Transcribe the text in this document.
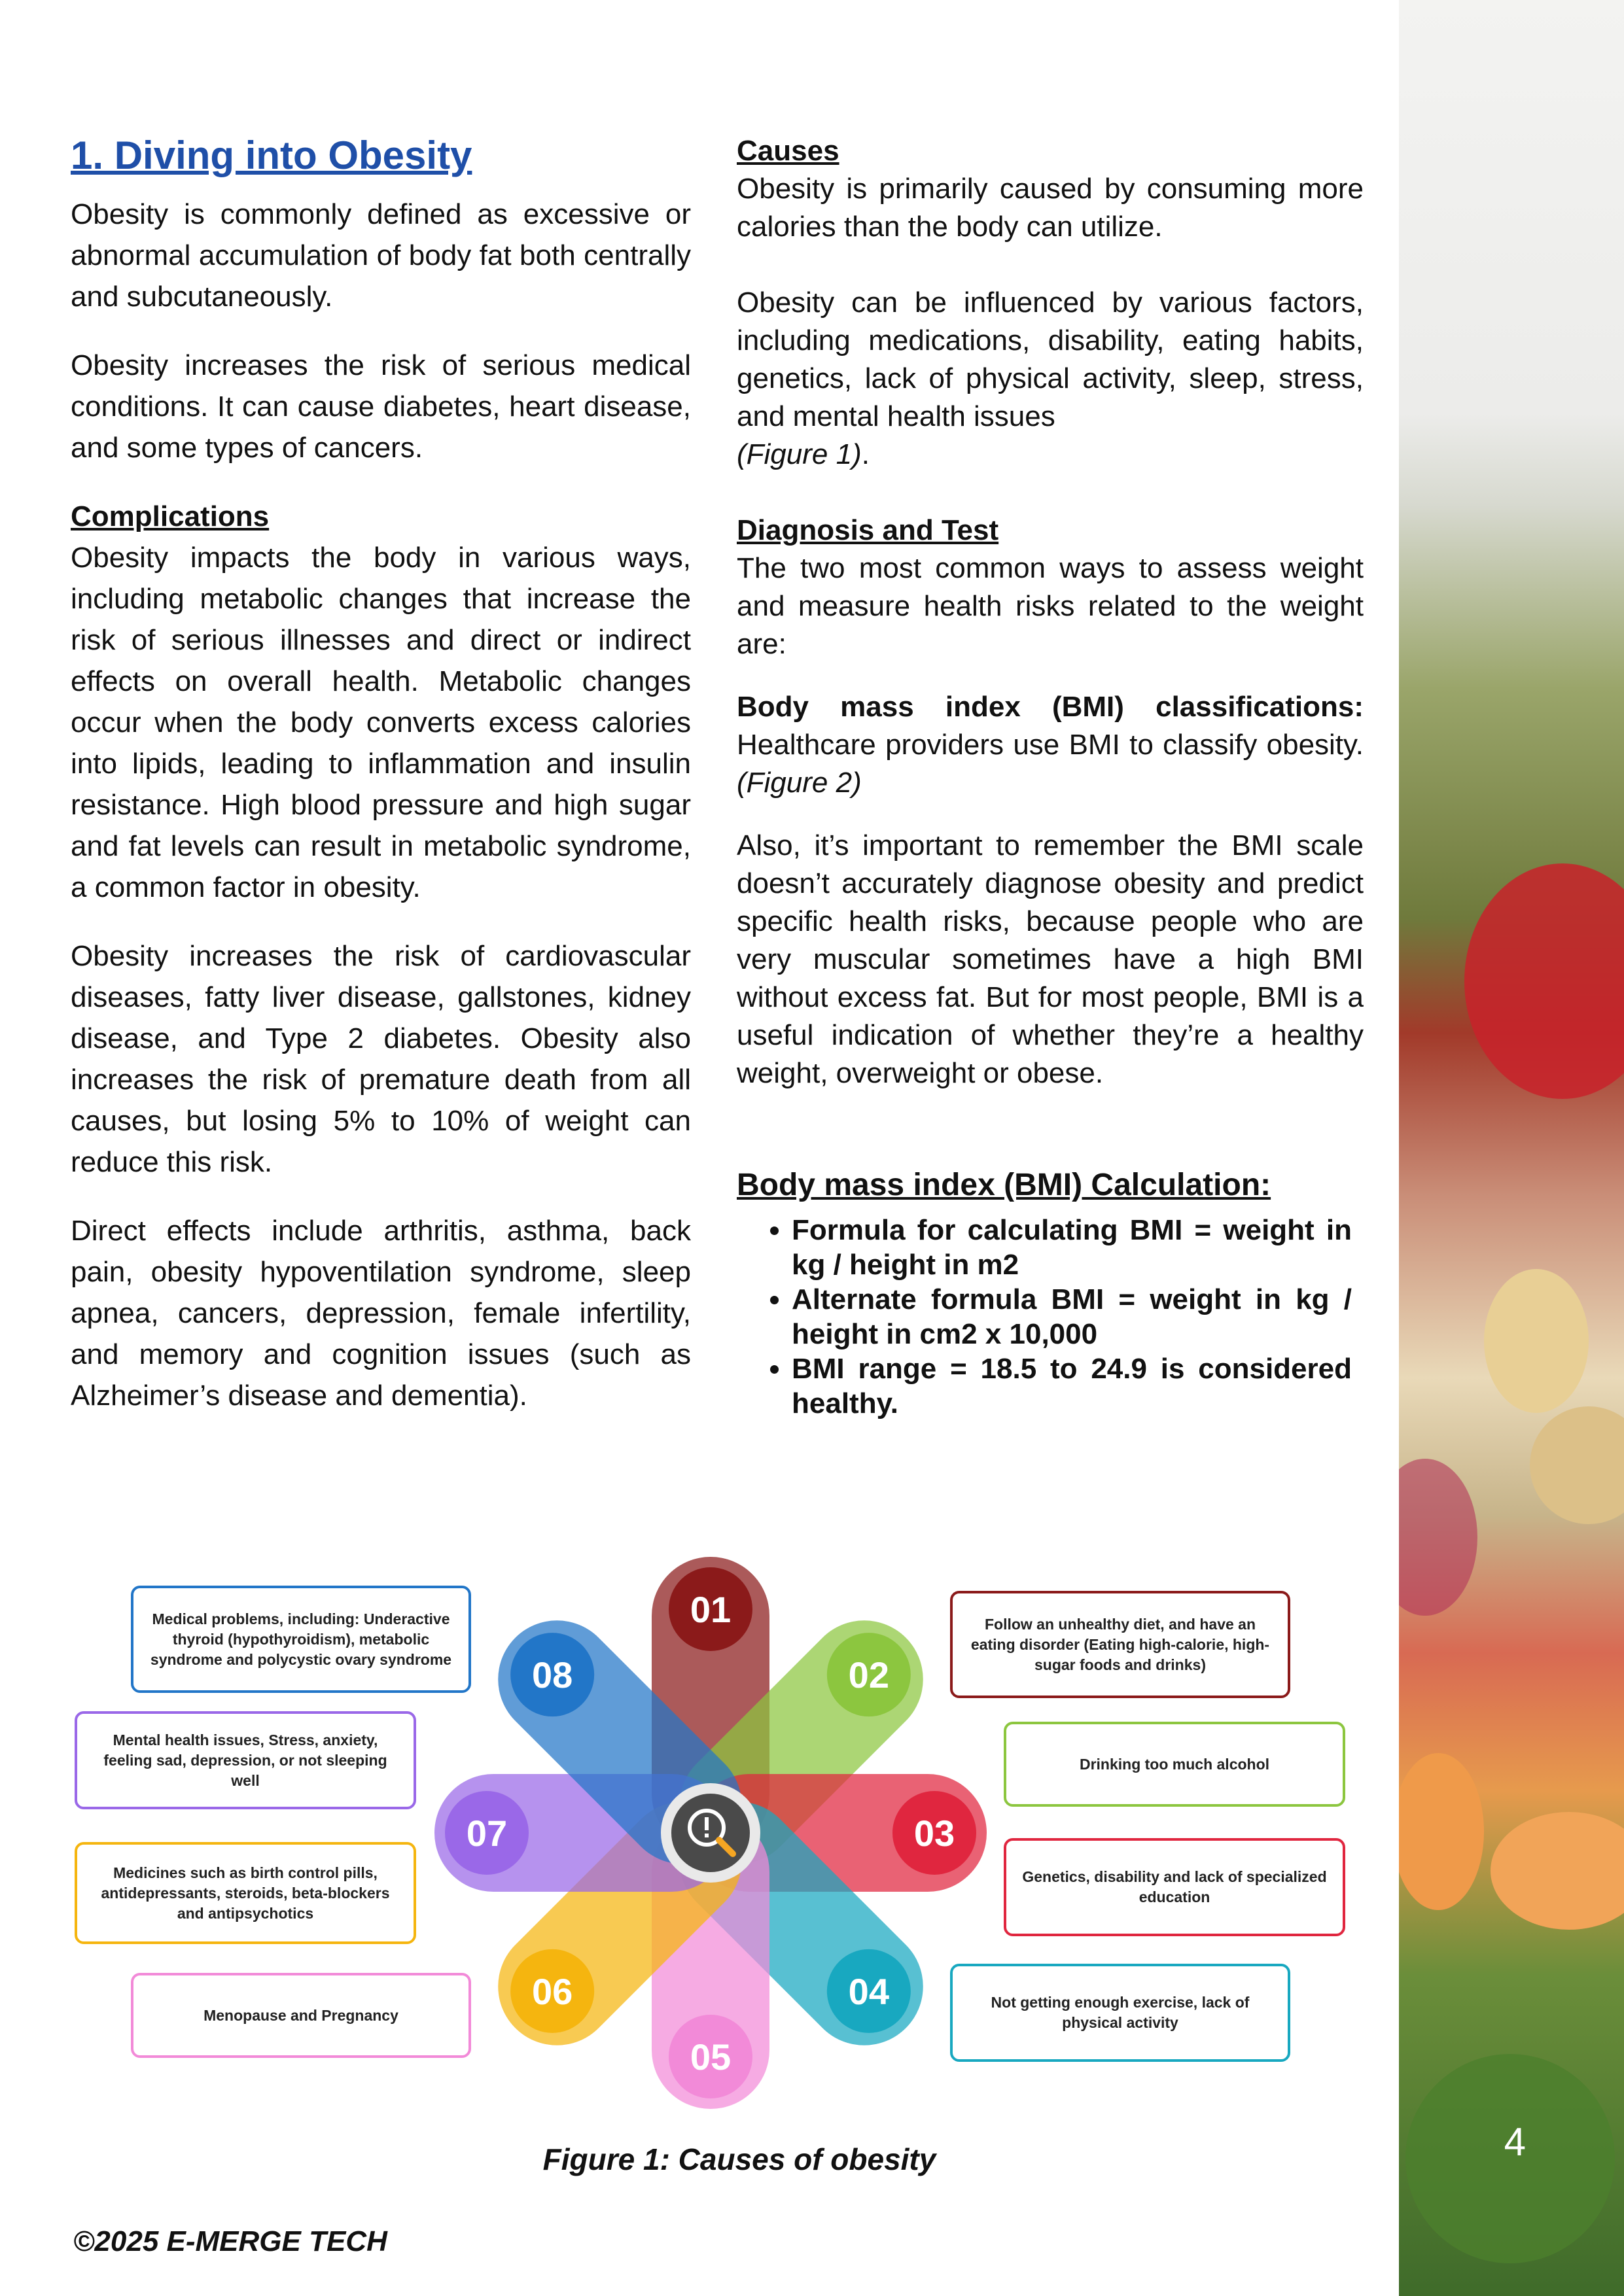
4
1. Diving into Obesity

Obesity is commonly defined as excessive or abnormal accumulation of body fat both centrally and subcutaneously.

Obesity increases the risk of serious medical conditions. It can cause diabetes, heart disease, and some types of cancers.

Complications

Obesity impacts the body in various ways, including metabolic changes that increase the risk of serious illnesses and direct or indirect effects on overall health. Metabolic changes occur when the body converts excess calories into lipids, leading to inflammation and insulin resistance. High blood pressure and high sugar and fat levels can result in metabolic syndrome, a common factor in obesity.

Obesity increases the risk of cardiovascular diseases, fatty liver disease, gallstones, kidney disease, and Type 2 diabetes. Obesity also increases the risk of premature death from all causes, but losing 5% to 10% of weight can reduce this risk.

Direct effects include arthritis, asthma, back pain, obesity hypoventilation syndrome, sleep apnea, cancers, depression, female infertility, and memory and cognition issues (such as Alzheimer’s disease and dementia).

Causes

Obesity is primarily caused by consuming more calories than the body can utilize.

Obesity can be influenced by various factors, including medications, disability, eating habits, genetics, lack of physical activity, sleep, stress, and mental health issues
(Figure 1).

Diagnosis and Test

The two most common ways to assess weight and measure health risks related to the weight are:

Body mass index (BMI) classifications: Healthcare providers use BMI to classify obesity. (Figure 2)

Also, it’s important to remember the BMI scale doesn’t accurately diagnose obesity and predict specific health risks, because people who are very muscular sometimes have a high BMI without excess fat. But for most people, BMI is a useful indication of whether they’re a healthy weight, overweight or obese.

Body mass index (BMI) Calculation:
• Formula for calculating BMI = weight in kg / height in m2
• Alternate formula BMI = weight in kg / height in cm2 x 10,000
• BMI range = 18.5 to 24.9 is considered healthy.
Medical problems, including: Underactive thyroid (hypothyroidism), metabolic syndrome and polycystic ovary syndrome
Mental health issues, Stress, anxiety, feeling sad, depression, or not sleeping well
Medicines such as birth control pills, antidepressants, steroids, beta-blockers and antipsychotics
Menopause and Pregnancy
Follow an unhealthy diet, and have an eating disorder (Eating high-calorie, high-sugar foods and drinks)
Drinking too much alcohol
Genetics, disability and lack of specialized education
Not getting enough exercise, lack of physical activity
01
02
03
04
05
06
07
08
Figure 1: Causes of obesity
©2025 E-MERGE TECH
